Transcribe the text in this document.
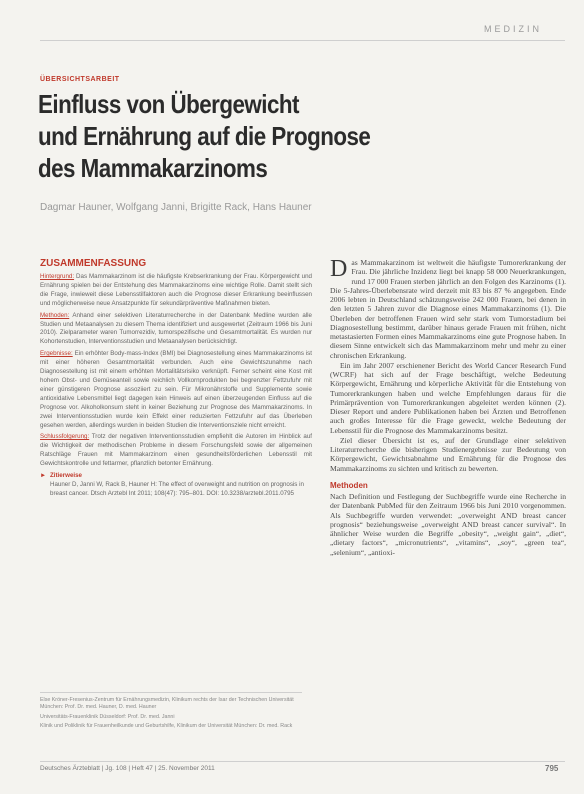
MEDIZIN
ÜBERSICHTSARBEIT
Einfluss von Übergewicht
und Ernährung auf die Prognose
des Mammakarzinoms
Dagmar Hauner, Wolfgang Janni, Brigitte Rack, Hans Hauner
ZUSAMMENFASSUNG

Hintergrund: Das Mammakarzinom ist die häufigste Krebserkrankung der Frau. Körpergewicht und Ernährung spielen bei der Entstehung des Mammakarzinoms eine wichtige Rolle. Damit stellt sich die Frage, inwieweit diese Lebensstilfaktoren auch die Prognose dieser Erkrankung beeinflussen und möglicherweise neue Ansatzpunkte für sekundärpräventive Maßnahmen bieten.

Methoden: Anhand einer selektiven Literaturrecherche in der Datenbank Medline wurden alle Studien und Metaanalysen zu diesem Thema identifiziert und ausgewertet (Zeitraum 1966 bis Juni 2010). Zielparameter waren Tumorrezidiv, tumorspezifische und Gesamtmortalität. Es wurden nur Kohortenstudien, Interventionsstudien und Metaanalysen berücksichtigt.

Ergebnisse: Ein erhöhter Body-mass-Index (BMI) bei Diagnosestellung eines Mammakarzinoms ist mit einer höheren Gesamtmortalität verbunden. Auch eine Gewichtszunahme nach Diagnosestellung ist mit einem erhöhten Mortalitätsrisiko verknüpft. Ferner scheint eine Kost mit hohem Obst- und Gemüseanteil sowie reichlich Vollkornprodukten bei begrenzter Fettzufuhr mit einer günstigeren Prognose assoziiert zu sein. Für Mikronährstoffe und Supplemente sowie antioxidative Lebensmittel liegt dagegen kein Hinweis auf einen überzeugenden Einfluss auf die Prognose vor. Alkoholkonsum steht in keiner Beziehung zur Prognose des Mammakarzinoms. In zwei Interventionsstudien wurde kein Effekt einer reduzierten Fettzufuhr auf das Überleben gesehen werden, allerdings wurden in beiden Studien die Interventionsziele nicht erreicht.

Schlussfolgerung: Trotz der negativen Interventionsstudien empfiehlt die Autoren im Hinblick auf die Wichtigkeit der methodischen Probleme in diesem Forschungsfeld sowie der allgemeinen Ratschläge Frauen mit Mammakarzinom einen gesundheitsförderlichen Lebensstil mit Gewichtskontrolle und fettarmer, pflanzlich betonter Ernährung.

► Zitierweise

Hauner D, Janni W, Rack B, Hauner H: The effect of overweight and nutrition on prognosis in breast cancer. Dtsch Arztebl Int 2011; 108(47): 795–801. DOI: 10.3238/arztebl.2011.0795

Else Kröner-Fresenius-Zentrum für Ernährungsmedizin, Klinikum rechts der Isar der Technischen Universität München: Prof. Dr. med. Hauner, D. med. Hauner

Universitäts-Frauenklinik Düsseldorf: Prof. Dr. med. Janni

Klinik und Poliklinik für Frauenheilkunde und Geburtshilfe, Klinikum der Universität München: Dr. med. Rack

Das Mammakarzinom ist weltweit die häufigste Tumorerkrankung der Frau. Die jährliche Inzidenz liegt bei knapp 58 000 Neuerkrankungen, rund 17 000 Frauen sterben jährlich an den Folgen des Karzinoms (1). Die 5-Jahres-Überlebensrate wird derzeit mit 83 bis 87 % angegeben. Ende 2006 lebten in Deutschland schätzungsweise 242 000 Frauen, bei denen in den letzten 5 Jahren zuvor die Diagnose eines Mammakarzinoms (1). Die Überleben der betroffenen Frauen wird sehr stark vom Tumorstadium bei Diagnosestellung bestimmt, darüber hinaus gerade Frauen mit frühen, nicht metastasierten Formen eines Mammakarzinoms eine gute Prognose haben. In diesem Sinne entwickelt sich das Mammakarzinom mehr und mehr zu einer chronischen Erkrankung.

Ein im Jahr 2007 erschienener Bericht des World Cancer Research Fund (WCRF) hat sich auf der Frage beschäftigt, welche Bedeutung Körpergewicht, Ernährung und körperliche Aktivität für die Entstehung von Tumorerkrankungen haben und welche Empfehlungen daraus für die Primärprävention von Tumorerkrankungen abgeleitet werden können (2). Dieser Report und andere Publikationen haben bei Ärzten und Betroffenen auch großes Interesse für die Frage geweckt, welche Bedeutung der Lebensstil für die Prognose des Mammakarzinoms besitzt.

Ziel dieser Übersicht ist es, auf der Grundlage einer selektiven Literaturrecherche die bisherigen Studienergebnisse zur Bedeutung von Körpergewicht, Gewichtsabnahme und Ernährung für die Prognose des Mammakarzinoms zu sichten und kritisch zu bewerten.

Methoden

Nach Definition und Festlegung der Suchbegriffe wurde eine Recherche in der Datenbank PubMed für den Zeitraum 1966 bis Juni 2010 vorgenommen. Als Suchbegriffe wurden verwendet: „overweight AND breast cancer prognosis“ beziehungsweise „overweight AND breast cancer survival“. In ähnlicher Weise wurden die Begriffe „obesity“, „weight gain“, „diet“, „dietary factors“, „micronutrients“, „vitamins“, „soy“, „green tea“, „selenium“, „antioxi-

Deutsches Ärzteblatt | Jg. 108 | Heft 47 | 25. November 2011	795
